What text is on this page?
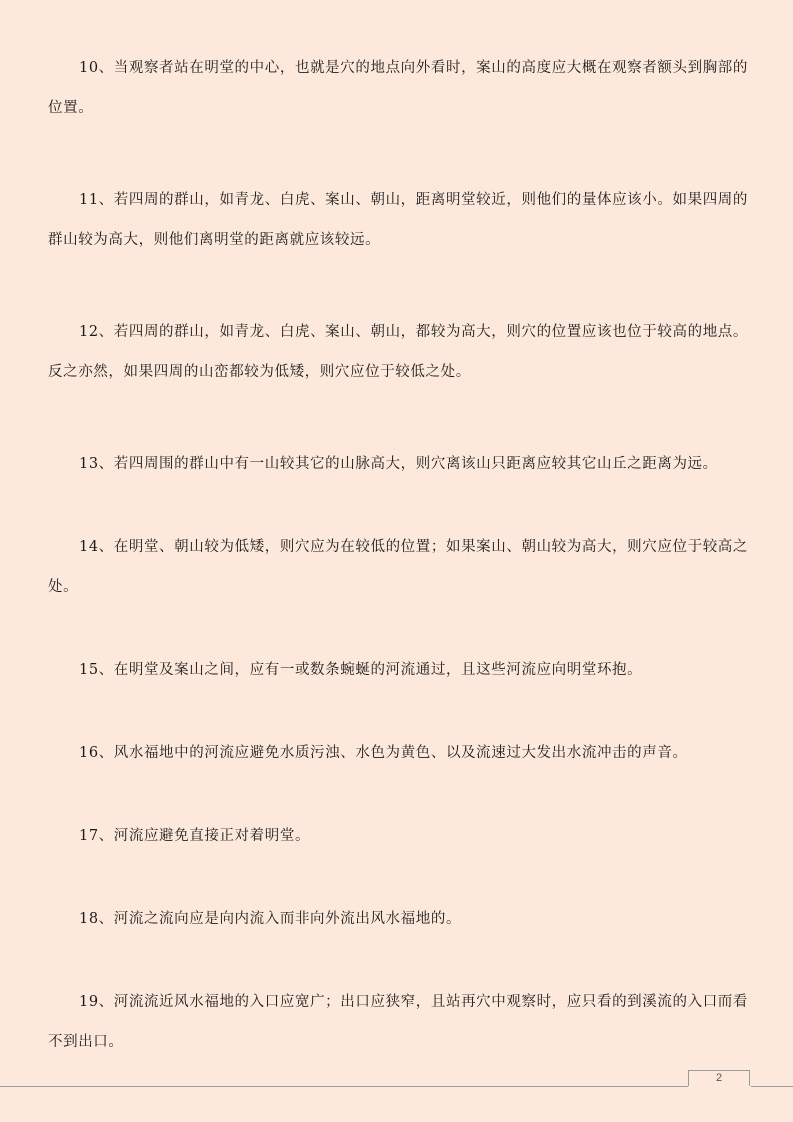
10、当观察者站在明堂的中心，也就是穴的地点向外看时，案山的高度应大概在观察者额头到胸部的位置。

11、若四周的群山，如青龙、白虎、案山、朝山，距离明堂较近，则他们的量体应该小。如果四周的群山较为高大，则他们离明堂的距离就应该较远。

12、若四周的群山，如青龙、白虎、案山、朝山，都较为高大，则穴的位置应该也位于较高的地点。反之亦然，如果四周的山峦都较为低矮，则穴应位于较低之处。

13、若四周围的群山中有一山较其它的山脉高大，则穴离该山只距离应较其它山丘之距离为远。

14、在明堂、朝山较为低矮，则穴应为在较低的位置；如果案山、朝山较为高大，则穴应位于较高之处。

15、在明堂及案山之间，应有一或数条蜿蜒的河流通过，且这些河流应向明堂环抱。

16、风水福地中的河流应避免水质污浊、水色为黄色、以及流速过大发出水流冲击的声音。

17、河流应避免直接正对着明堂。

18、河流之流向应是向内流入而非向外流出风水福地的。

19、河流流近风水福地的入口应宽广；出口应狭窄，且站再穴中观察时，应只看的到溪流的入口而看不到出口。

2
